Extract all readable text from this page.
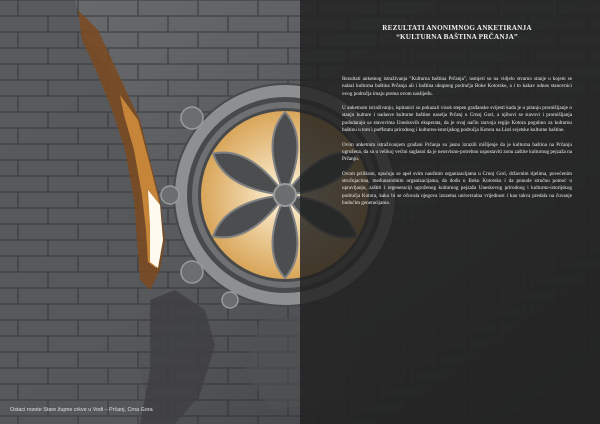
REZULTATI ANONIMNOG ANKETIRANJA

“KULTURNA BAŠTINA PRČANJA”

Rezultati anketnog istraživanja "Kulturna baština Prčanja", usmjeri su na vidjelo stvarno stanje u kojem se nalazi kulturna baština Prčanja ali i baština ukupnog područja Boke Kotorske, a i to kakav odnos stanovnici ovog područja imaju prema ovom naslijeđu.

U anketnom istraživanju, ispitanici su pokazali visok stepen građanske svijesti kada je u pitanju promišljanje o stanju kulture i nadasve kulturne baštine naselja Prčanj u Crnoj Gori, a njihovi se stavovi i promišljanja podudaraju sa stavovima Uneskovih eksperata, da je ovaj način razvoja regije Kotora pogubno za kulturnu baštinu u tom i pu#Istatu prirodnog i kulturno-istorijskog područja Kotora na Listi svjetske kulturne baštine.

Ovim anketnim istraživanjem građani Prčanja su jasno izrazili mišljenje da je kulturna baština na Prčanju ugrožena, da su u velikoj većini saglasni da je neosvisno-potrebno uspostaviti zonu zaštite kulturnog pejzaža na Prčanju.

Ovom prilikom, upućuju se apel svim naučnim organizacijama u Crnoj Gori, državnim tijelima, povećenim stručnjacima, međunarodnim organizacijama, da dođu u Boku Kotorsku i da ponude stručnu pomoć u upravljanju, zaštiti i regeneraciji ugroženog kulturnog pejzaža Uneskovog prirodnog i kulturno-istorijskog područja Kotora, kako bi se očuvala njegova izuzetna univerzalna vrijednost i kao takva predala na čuvanje budućim generacijama.

Ostaci rozete Stare župne crkve u Vodi – Prčanj, Crna Gora
